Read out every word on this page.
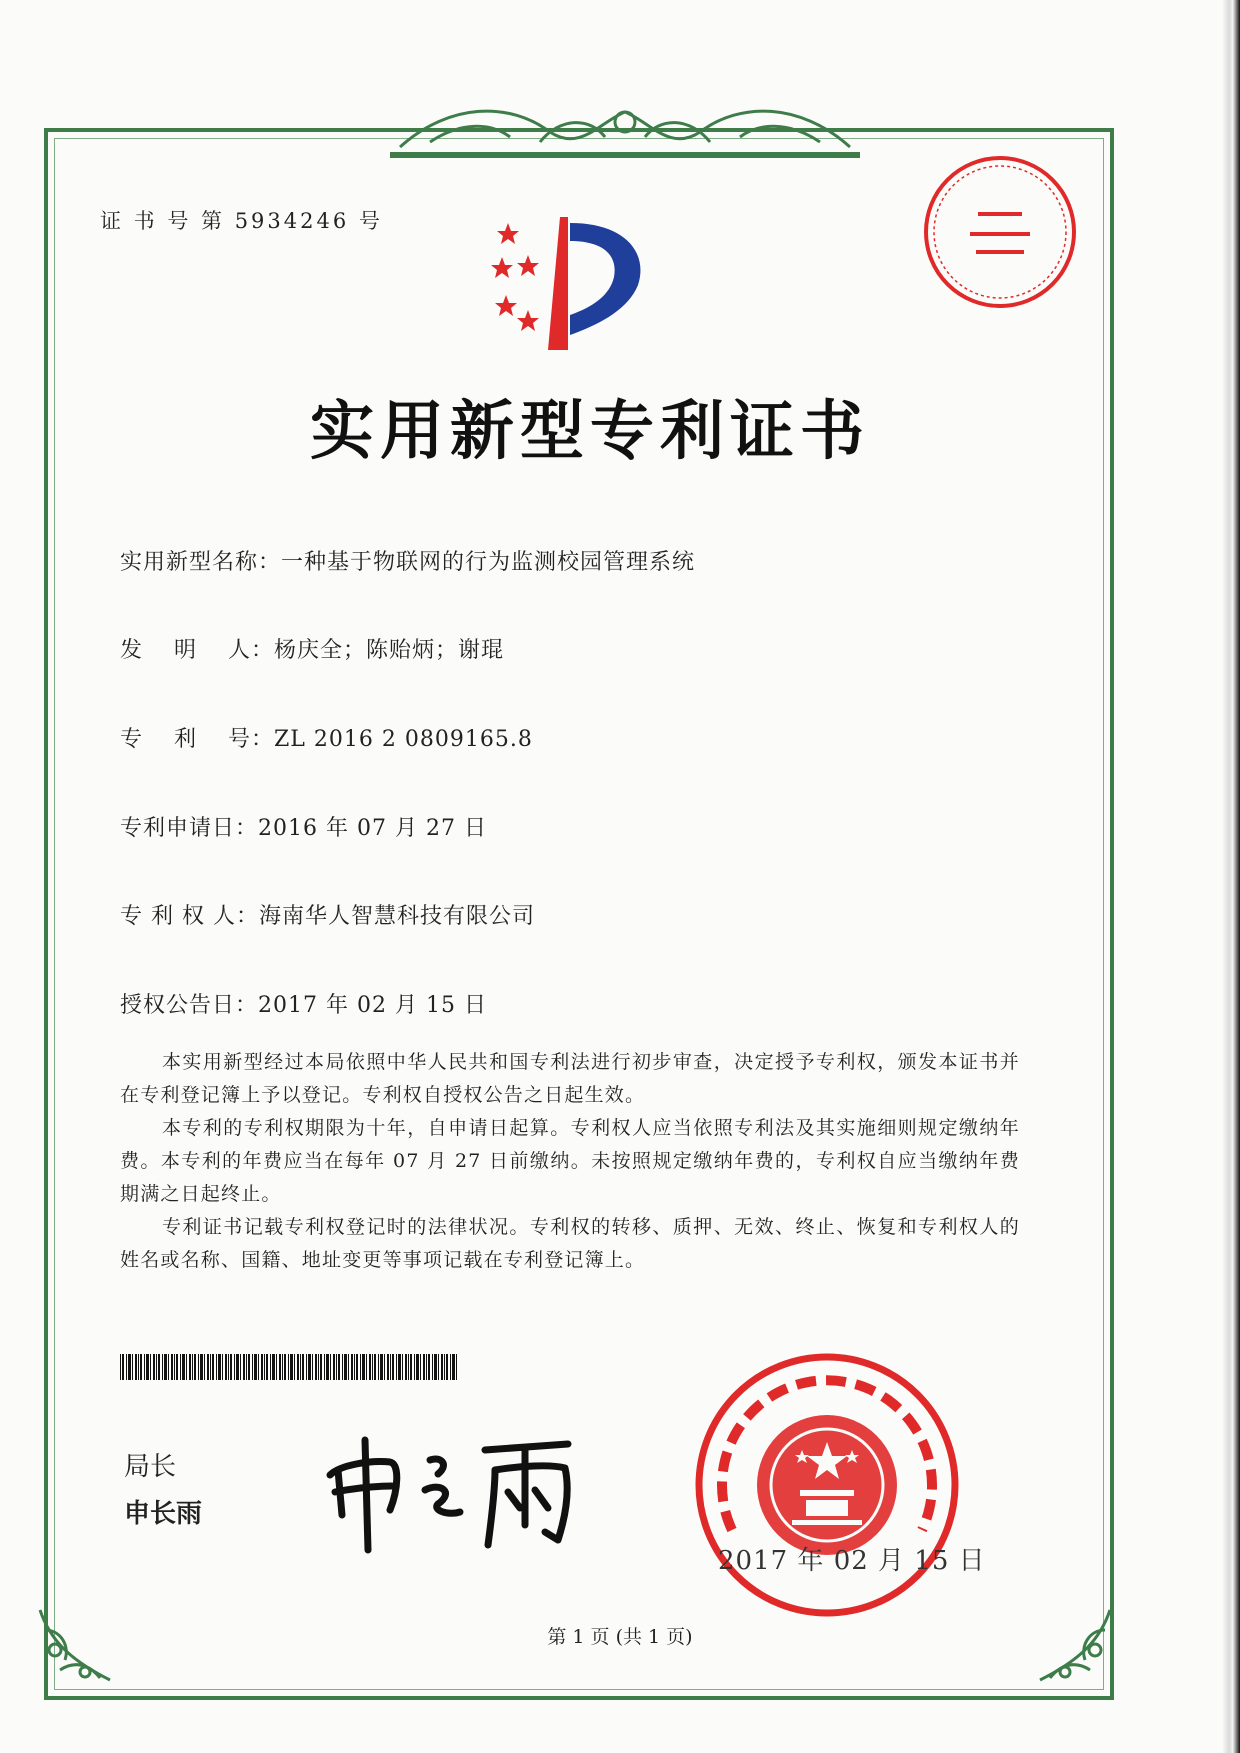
证 书 号 第 5934246 号
实用新型专利证书
实用新型名称：一种基于物联网的行为监测校园管理系统
发　 明　 人：杨庆全；陈贻炳；谢琨
专　 利　 号：ZL 2016 2 0809165.8
专利申请日：2016 年 07 月 27 日
专 利 权 人：海南华人智慧科技有限公司
授权公告日：2017 年 02 月 15 日

本实用新型经过本局依照中华人民共和国专利法进行初步审查，决定授予专利权，颁发本证书并在专利登记簿上予以登记。专利权自授权公告之日起生效。

本专利的专利权期限为十年，自申请日起算。专利权人应当依照专利法及其实施细则规定缴纳年费。本专利的年费应当在每年 07 月 27 日前缴纳。未按照规定缴纳年费的，专利权自应当缴纳年费期满之日起终止。

专利证书记载专利权登记时的法律状况。专利权的转移、质押、无效、终止、恢复和专利权人的姓名或名称、国籍、地址变更等事项记载在专利登记簿上。

局长
申长雨
2017 年 02 月 15 日
第 1 页 (共 1 页)
